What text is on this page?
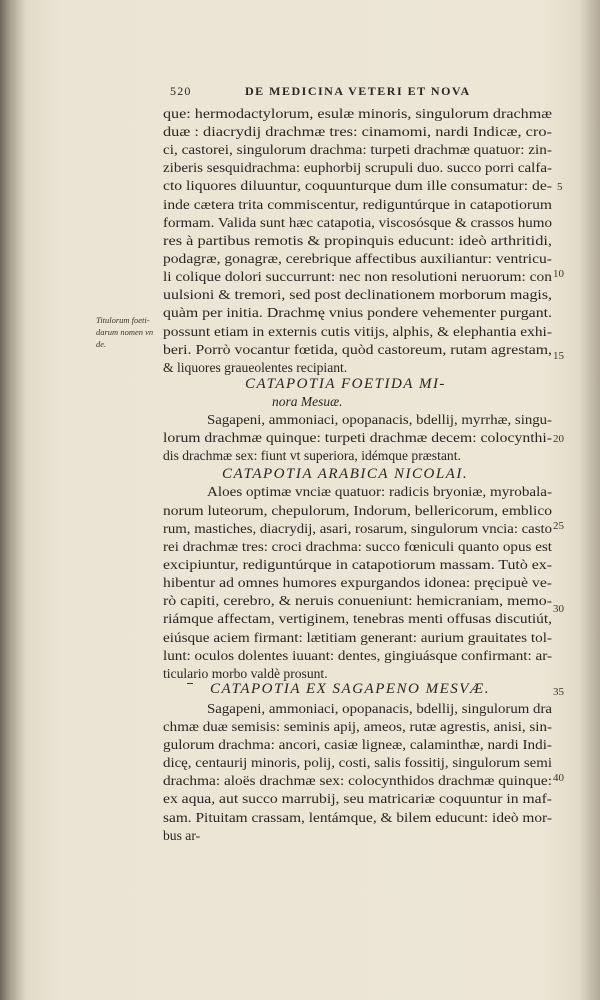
520	DE MEDICINA VETERI ET NOVA
Titulorum foeti-
darum nomen vn
de.
5
10
15
20
25
30
35
40
que: hermodactylorum, esulæ minoris, singulorum drachmæ
duæ : diacrydij drachmæ tres: cinamomi, nardi Indicæ, cro-
ci, castorei, singulorum drachma: turpeti drachmæ quatuor: zin-
ziberis sesquidrachma: euphorbij scrupuli duo. succo porri calfa-
cto liquores diluuntur, coquunturque dum ille consumatur: de-
inde cætera trita commiscentur, rediguntúrque in catapotiorum
formam. Valida sunt hæc catapotia, viscosósque & crassos humo
res à partibus remotis & propinquis educunt: ideò arthritidi,
podagræ, gonagræ, cerebrique affectibus auxiliantur: ventricu-
li colique dolori succurrunt: nec non resolutioni neruorum: con
uulsioni & tremori, sed post declinationem morborum magis,
quàm per initia. Drachmę vnius pondere vehementer purgant.
possunt etiam in externis cutis vitijs, alphis, & elephantia exhi-
beri. Porrò vocantur fœtida, quòd castoreum, rutam agrestam,
& liquores graueolentes recipiant.
CATAPOTIA FOETIDA MI-
nora Mesuæ.
Sagapeni, ammoniaci, opopanacis, bdellij, myrrhæ, singu-
lorum drachmæ quinque: turpeti drachmæ decem: colocynthi-
dis drachmæ sex: fiunt vt superiora, idémque præstant.
CATAPOTIA ARABICA NICOLAI.
Aloes optimæ vnciæ quatuor: radicis bryoniæ, myrobala-
norum luteorum, chepulorum, Indorum, bellericorum, emblico
rum, mastiches, diacrydij, asari, rosarum, singulorum vncia: casto
rei drachmæ tres: croci drachma: succo fœniculi quanto opus est
excipiuntur, rediguntúrque in catapotiorum massam. Tutò ex-
hibentur ad omnes humores expurgandos idonea: pręcipuè ve-
rò capiti, cerebro, & neruis conueniunt: hemicraniam, memo-
riámque affectam, vertiginem, tenebras menti offusas discutiút,
eiúsque aciem firmant: lætitiam generant: aurium grauitates tol-
lunt: oculos dolentes iuuant: dentes, gingiuásque confirmant: ar-
ticulario morbo valdè prosunt.
CATAPOTIA EX SAGAPENO MESVÆ.
Sagapeni, ammoniaci, opopanacis, bdellij, singulorum dra
chmæ duæ semisis: seminis apij, ameos, rutæ agrestis, anisi, sin-
gulorum drachma: ancori, casiæ ligneæ, calaminthæ, nardi Indi-
dicę, centaurij minoris, polij, costi, salis fossitij, singulorum semi
drachma: aloës drachmæ sex: colocynthidos drachmæ quinque:
ex aqua, aut succo marrubij, seu matricariæ coquuntur in maf-
sam. Pituitam crassam, lentámque, & bilem educunt: ideò mor-
bus ar-
